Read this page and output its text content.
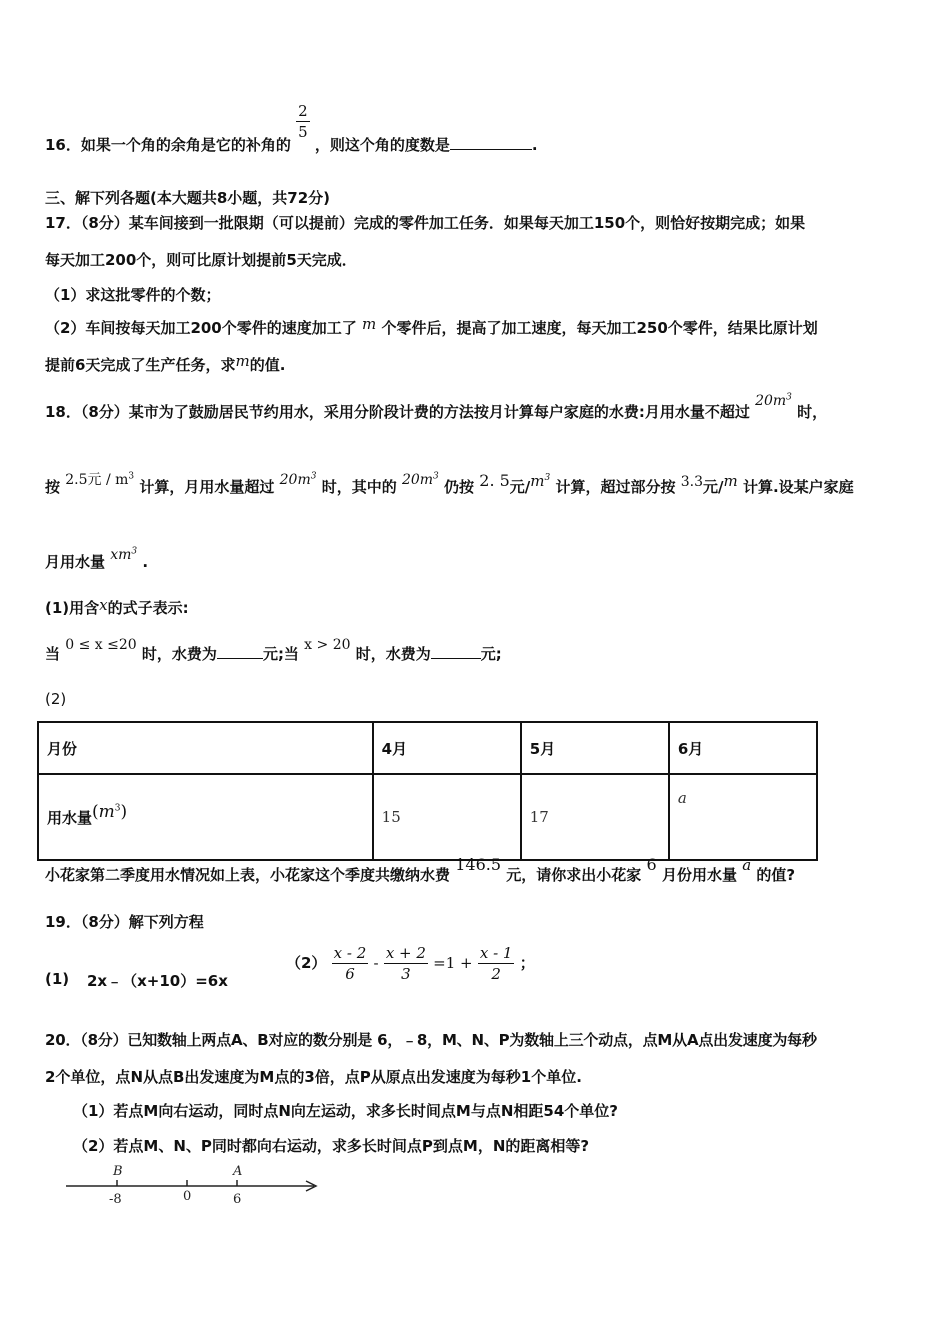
16．如果一个角的余角是它的补角的
$\frac{2}{5}$
，则这个角的度数是	.
三、解下列各题(本大题共8小题，共72分)
17．（8分）某车间接到一批限期（可以提前）完成的零件加工任务．如果每天加工150个，则恰好按期完成；如果
每天加工200个，则可比原计划提前5天完成．
（1）求这批零件的个数；
（2）车间按每天加工200个零件的速度加工了 m 个零件后，提高了加工速度，每天加工250个零件，结果比原计划
提前6天完成了生产任务，求m的值.
18．（8分）某市为了鼓励居民节约用水，采用分阶段计费的方法按月计算每户家庭的水费:月用水量不超过 $20m^3$ 时，
按 2.5元 / $m^3$ 计算，月用水量超过 $20m^3$ 时，其中的 $20m^3$ 仍按 2. 5元$/m^3$ 计算，超过部分按 3.3元/m 计算.设某户家庭
月用水量 $xm^3$ .
(1)用含x的式子表示:
当 0 ≤ x ≤20 时，水费为	元;当 x > 20 时，水费为	元;
(2)
月份	4月	5月	6月
用水量$(m^3)$	15	17	a
小花家第二季度用水情况如上表，小花家这个季度共缴纳水费 146.5 元，请你求出小花家 6 月份用水量 a 的值?
19．（8分）解下列方程
(1) 2x﹣（x+10）=6x
$(2) \frac{x - 2}{6} - \frac{x + 2}{3} =1 + \frac{x - 1}{2}$ ；
20．（8分）已知数轴上两点A、B对应的数分别是 6，﹣8，M、N、P为数轴上三个动点，点M从A点出发速度为每秒
2个单位，点N从点B出发速度为M点的3倍，点P从原点出发速度为每秒1个单位.
（1）若点M向右运动，同时点N向左运动，求多长时间点M与点N相距54个单位?
（2）若点M、N、P同时都向右运动，求多长时间点P到点M，N的距离相等?
B	A
-8	0	6
